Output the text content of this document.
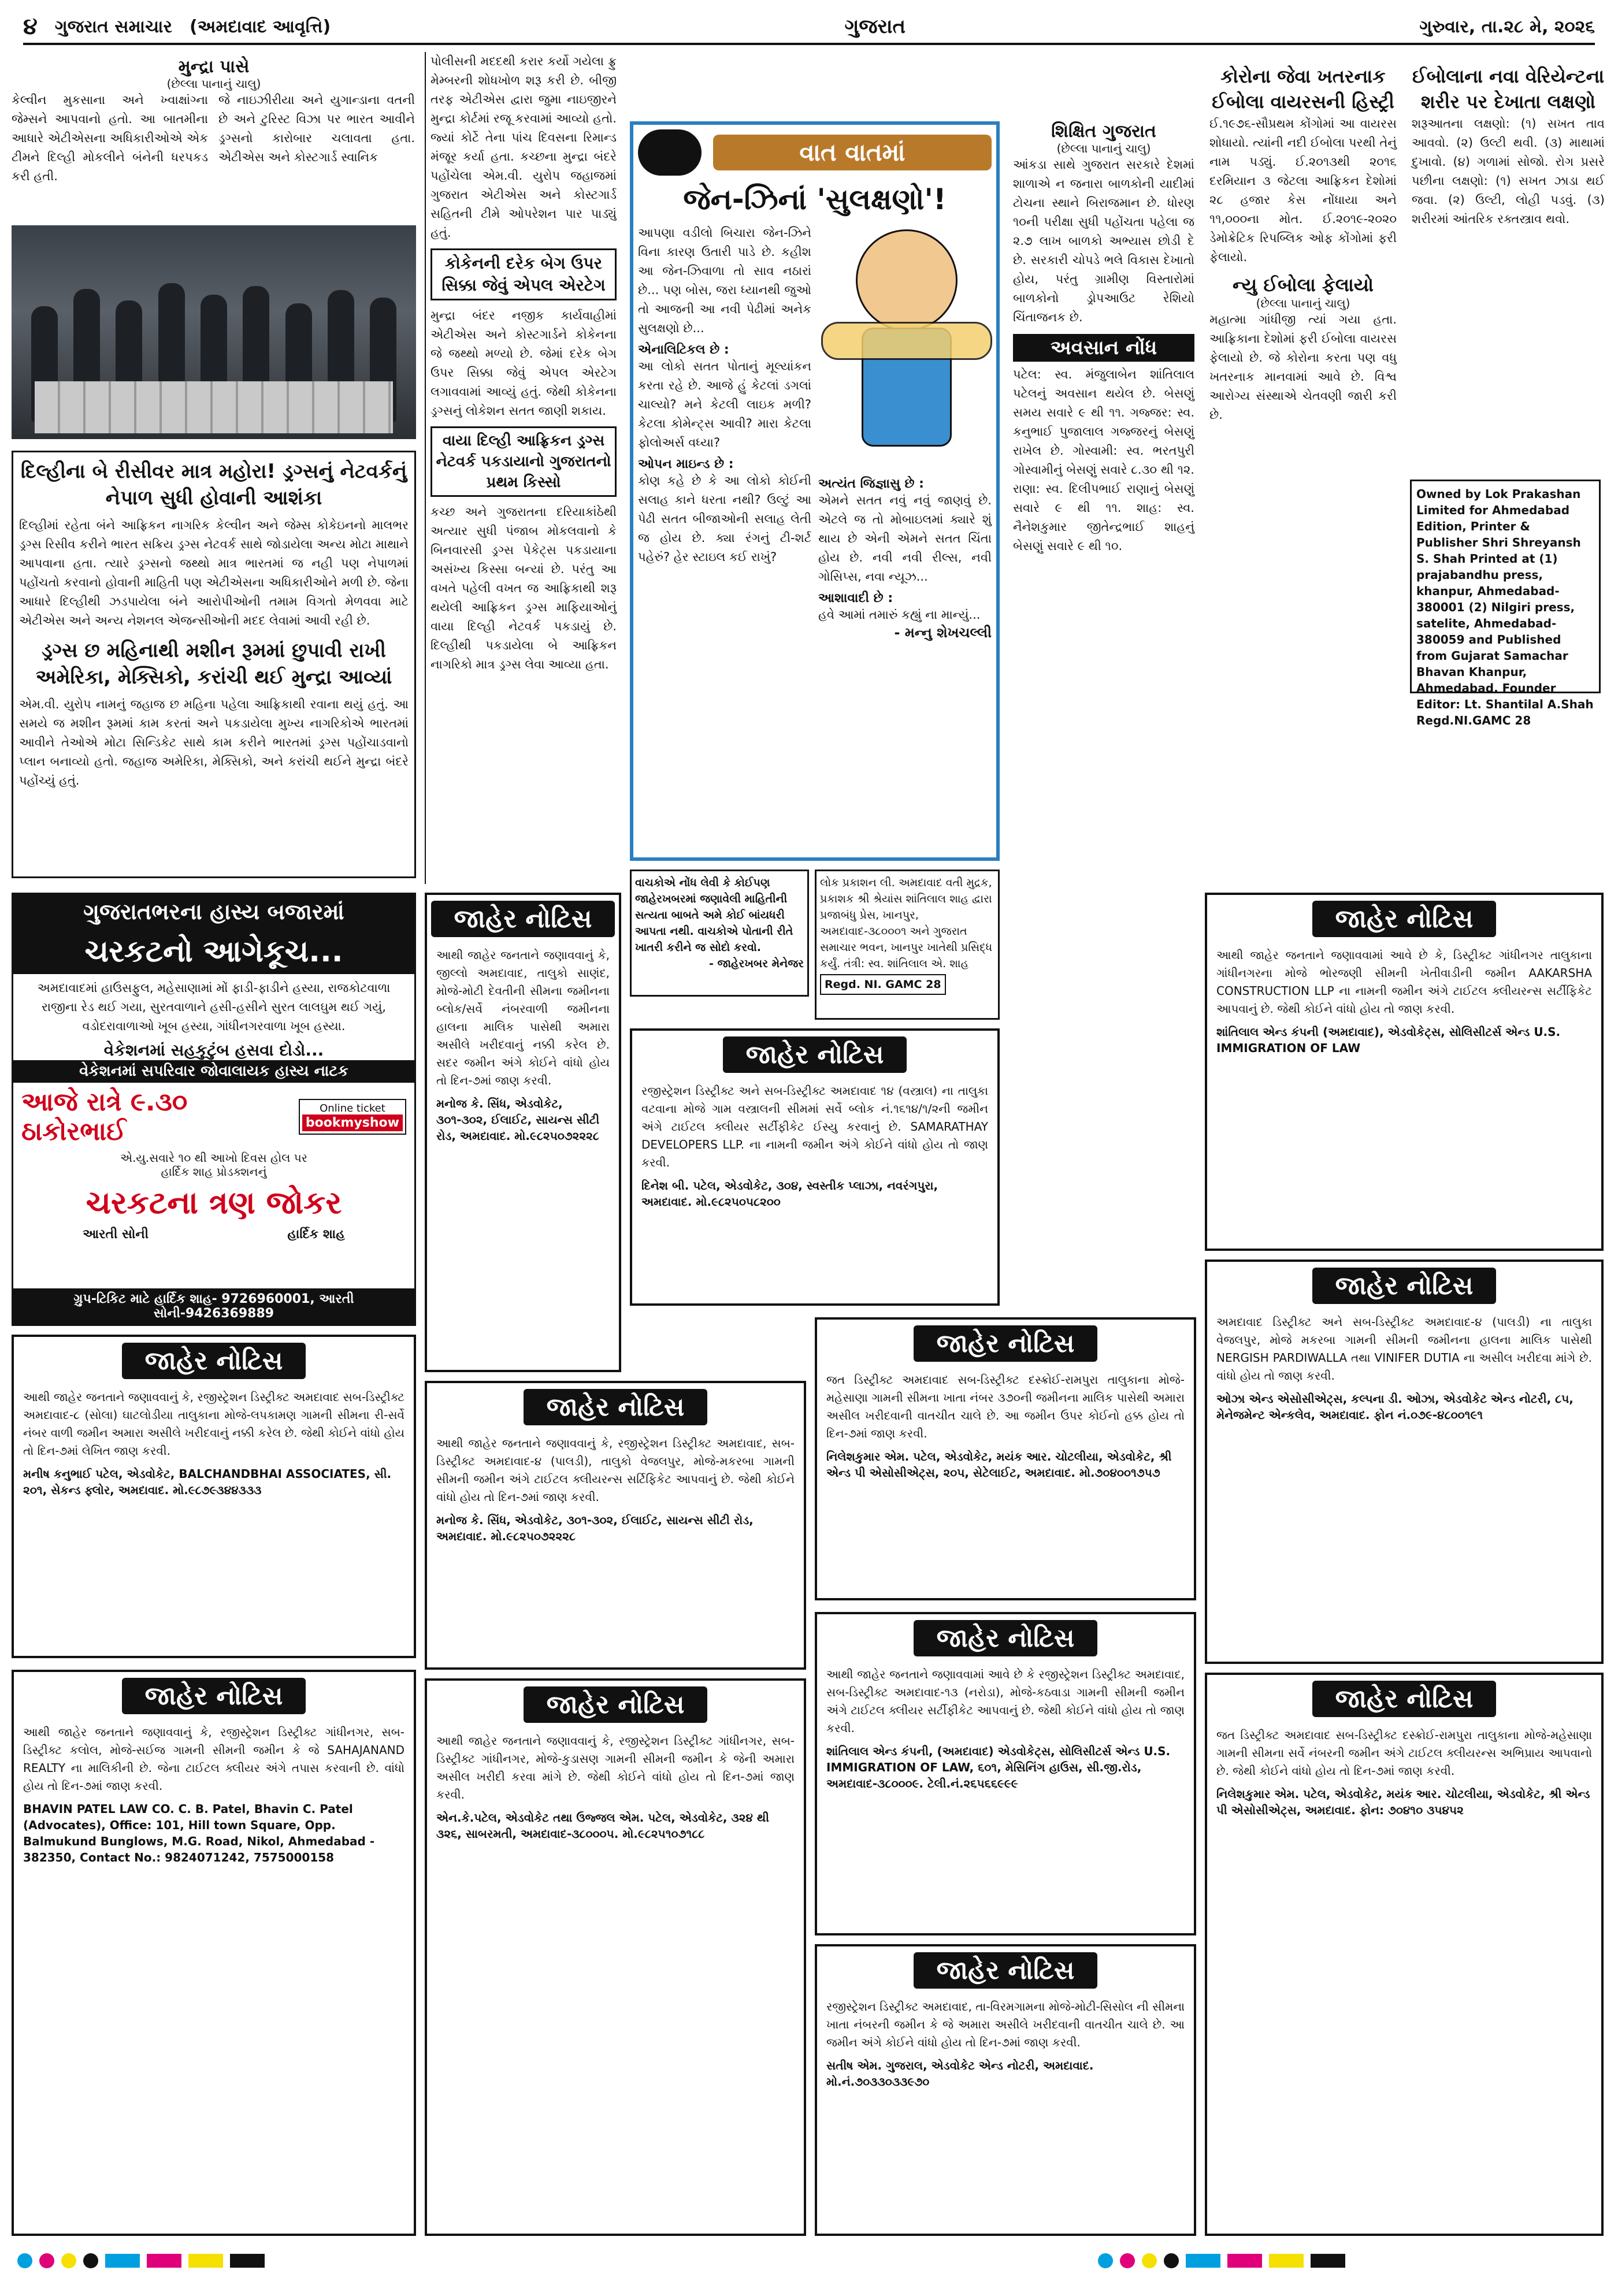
૪ ગુજરાત સમાચાર (અમદાવાદ આવૃત્તિ)	ગુજરાત	ગુરુવાર, તા.૨૮ મે, ૨૦૨૬
મુન્દ્રા પાસે
(છેલ્લા પાનાનું ચાલુ)
કેલ્વીન મુકસાના અને ખ્વાક્ષાંગ્ના જેમ્સને આપવાનો હતો. આ બાતમીના આધારે એટીએસના અધિકારીઓએ એક ટીમને દિલ્હી મોકલીને બંનેની ધરપકડ કરી હતી.
જે નાઇઝીરીયા અને યુગાન્ડાના વતની છે અને ટુરિસ્ટ વિઝા પર ભારત આવીને ડ્રગ્સનો કારોબાર ચલાવતા હતા. એટીએસ અને કોસ્ટગાર્ડ સ્વાનિક
દિલ્હીના બે રીસીવર માત્ર મહોરા! ડ્રગ્સનું નેટવર્કનું નેપાળ સુધી હોવાની આશંકા
દિલ્હીમાં રહેતા બંને આફ્રિકન નાગરિક કેલ્વીન અને જેમ્સ કોકેઇનનો માલભર ડ્રગ્સ રિસીવ કરીને ભારત સક્રિય ડ્રગ્સ નેટવર્ક સાથે જોડાયેલા અન્ય મોટા માથાને આપવાના હતા. ત્યારે ડ્રગ્સનો જથ્થો માત્ર ભારતમાં જ નહી પણ નેપાળમાં પહોંચતો કરવાનો હોવાની માહિતી પણ એટીએસના અધિકારીઓને મળી છે. જેના આધારે દિલ્હીથી ઝડપાયેલા બંને આરોપીઓની તમામ વિગતો મેળવવા માટે એટીએસ અને અન્ય નેશનલ એજન્સીઓની મદદ લેવામાં આવી રહી છે.
ડ્રગ્સ છ મહિનાથી મશીન રૂમમાં છુપાવી રાખી અમેરિકા, મેક્સિકો, કરાંચી થઈ મુન્દ્રા આવ્યાં
એમ.વી. યુરોપ નામનું જહાજ છ મહિના પહેલા આફ્રિકાથી રવાના થયું હતું. આ સમયે જ મશીન રૂમમાં કામ કરતાં અને પકડાયેલા મુખ્ય નાગરિકોએ ભારતમાં આવીને તેઓએ મોટા સિન્ડિકેટ સાથે કામ કરીને ભારતમાં ડ્રગ્સ પહોંચાડવાનો પ્લાન બનાવ્યો હતો. જહાજ અમેરિકા, મેક્સિકો, અને કરાંચી થઈને મુન્દ્રા બંદરે પહોંચ્યું હતું.
પોલીસની મદદથી કરાર કર્યો ગયેલા ફ્રુ મેમ્બરની શોધખોળ શરૂ કરી છે. બીજી તરફ એટીએસ દ્વારા જુમા નાઇજીરને મુન્દ્રા કોર્ટમાં રજૂ કરવામાં આવ્યો હતો. જ્યાં કોર્ટે તેના પાંચ દિવસના રિમાન્ડ મંજૂર કર્યા હતા. કચ્છના મુન્દ્રા બંદરે પહોંચેલા એમ.વી. યુરોપ જહાજમાં ગુજરાત એટીએસ અને કોસ્ટગાર્ડ સહિતની ટીમે ઓપરેશન પાર પાડ્યું હતું.
કોકેનની દરેક બેગ ઉપર સિક્કા જેવું એપલ એરટેગ
મુન્દ્રા બંદર નજીક કાર્યવાહીમાં એટીએસ અને કોસ્ટગાર્ડને કોકેનના જે જથ્થો મળ્યો છે. જેમાં દરેક બેગ ઉપર સિક્કા જેવું એપલ એરટેગ લગાવવામાં આવ્યું હતું. જેથી કોકેનના ડ્રગ્સનું લોકેશન સતત જાણી શકાય.
વાયા દિલ્હી આફ્રિકન ડ્રગ્સ નેટવર્ક પકડાયાનો ગુજરાતનો પ્રથમ કિસ્સો
કચ્છ અને ગુજરાતના દરિયાકાંઠેથી અત્યાર સુધી પંજાબ મોકલવાનો કે બિનવારસી ડ્રગ્સ પેકેટ્સ પકડાયાના અસંખ્ય કિસ્સા બન્યાં છે. પરંતુ આ વખતે પહેલી વખત જ આફ્રિકાથી શરૂ થયેલી આફ્રિકન ડ્રગ્સ માફિયાઓનું વાયા દિલ્હી નેટવર્ક પકડાયું છે. દિલ્હીથી પકડાયેલા બે આફ્રિકન નાગરિકો માત્ર ડ્રગ્સ લેવા આવ્યા હતા.
વાત વાતમાં
જેન-ઝિનાં 'સુલક્ષણો'!
આપણા વડીલો બિચારા જેન-ઝિને વિના કારણ ઉતારી પાડે છે. કહીશ આ જેન-ઝિવાળા તો સાવ નઠારાં છે... પણ બોસ, જરા ધ્યાનથી જુઓ તો આજની આ નવી પેઢીમાં અનેક સુલક્ષણો છે...
એનાલિટિકલ છે :
આ લોકો સતત પોતાનું મૂલ્યાંકન કરતા રહે છે. આજે હું કેટલાં ડગલાં ચાલ્યો? મને કેટલી લાઇક મળી? કેટલા કોમેન્ટ્સ આવી? મારા કેટલા ફોલોઅર્સ વધ્યા?
ઓપન માઇન્ડ છે :
કોણ કહે છે કે આ લોકો કોઈની સલાહ કાને ધરતા નથી? ઉલ્ટું આ પેઢી સતત બીજાઓની સલાહ લેતી જ હોય છે. ક્યા રંગનું ટી-શર્ટ પહેરું? હેર સ્ટાઇલ કઈ રાખું?
અત્યંત જિજ્ઞાસુ છે :
એમને સતત નવું નવું જાણવું છે. એટલે જ તો મોબાઇલમાં ક્યારે શું થાય છે એની એમને સતત ચિંતા હોય છે. નવી નવી રીલ્સ, નવી ગોસિપ્સ, નવા ન્યૂઝ...
આશાવાદી છે :
હવે આમાં તમારું કહ્યું ના માન્યું...
- મન્નુ શેખચલ્લી
શિક્ષિત ગુજરાત
(છેલ્લા પાનાનું ચાલુ)
આંકડા સાથે ગુજરાત સરકારે દેશમાં શાળાએ ન જનારા બાળકોની યાદીમાં ટોચના સ્થાને બિરાજમાન છે. ધોરણ ૧૦ની પરીક્ષા સુધી પહોંચતા પહેલા જ ૨.૭ લાખ બાળકો અભ્યાસ છોડી દે છે. સરકારી ચોપડે ભલે વિકાસ દેખાતો હોય, પરંતુ ગ્રામીણ વિસ્તારોમાં બાળકોનો ડ્રોપઆઉટ રેશિયો ચિંતાજનક છે.
અવસાન નોંધ
પટેલ: સ્વ. મંજુલાબેન શાંતિલાલ પટેલનું અવસાન થયેલ છે. બેસણું સમય સવારે ૯ થી ૧૧. ગજ્જર: સ્વ. કનુભાઈ પુજાલાલ ગજ્જરનું બેસણું રાખેલ છે. ગોસ્વામી: સ્વ. ભરતપુરી ગોસ્વામીનું બેસણું સવારે ૮.૩૦ થી ૧૨. રાણા: સ્વ. દિલીપભાઈ રાણાનું બેસણું સવારે ૯ થી ૧૧. શાહ: સ્વ. નૈનેશકુમાર જીતેન્દ્રભાઈ શાહનું બેસણું સવારે ૯ થી ૧૦.
કોરોના જેવા ખતરનાક ઈબોલા વાયરસની હિસ્ટ્રી
ઈ.૧૯૭૬-સૌપ્રથમ કોંગોમાં આ વાયરસ શોધાયો. ત્યાંની નદી ઈબોલા પરથી તેનું નામ પડ્યું. ઈ.૨૦૧૩થી ૨૦૧૬ દરમિયાન ૩ જેટલા આફ્રિકન દેશોમાં ૨૮ હજાર કેસ નોંધાયા અને ૧૧,૦૦૦ના મોત. ઈ.૨૦૧૯-૨૦૨૦ ડેમોક્રેટિક રિપબ્લિક ઓફ કોંગોમાં ફરી ફેલાયો.
ન્યુ ઈબોલા ફેલાયો
(છેલ્લા પાનાનું ચાલુ)
મહાત્મા ગાંધીજી ત્યાં ગયા હતા. આફ્રિકાના દેશોમાં ફરી ઈબોલા વાયરસ ફેલાયો છે. જે કોરોના કરતા પણ વધુ ખતરનાક માનવામાં આવે છે. વિશ્વ આરોગ્ય સંસ્થાએ ચેતવણી જારી કરી છે.
ઈબોલાના નવા વેરિયેન્ટના શરીર પર દેખાતા લક્ષણો
શરૂઆતના લક્ષણો: (૧) સખત તાવ આવવો. (૨) ઉલ્ટી થવી. (૩) માથામાં દુખાવો. (૪) ગળામાં સોજો. રોગ પ્રસરે પછીના લક્ષણો: (૧) સખત ઝાડા થઈ જવા. (૨) ઉલ્ટી, લોહી પડવું. (૩) શરીરમાં આંતરિક રક્તસ્ત્રાવ થવો.
Owned by Lok Prakashan Limited for Ahmedabad Edition, Printer & Publisher Shri Shreyansh S. Shah Printed at (1) prajabandhu press, khanpur, Ahmedabad-380001 (2) Nilgiri press, satelite, Ahmedabad- 380059 and Published from Gujarat Samachar Bhavan Khanpur, Ahmedabad. Founder Editor: Lt. Shantilal A.Shah Regd.NI.GAMC 28
ગુજરાતભરના હાસ્ય બજારમાં
ચરકટનો આગેકૂચ...
અમદાવાદમાં હાઉસફુલ, મહેસાણામાં મોં ફાડી-ફાડીને હસ્યા, રાજકોટવાળા રાજીના રેડ થઈ ગયા, સુરતવાળાને હસી-હસીને સુરત લાલઘુમ થઈ ગયું, વડોદરાવાળાઓ ખૂબ હસ્યા, ગાંધીનગરવાળા ખૂબ હસ્યા.
વેકેશનમાં સહકુટુંબ હસવા દોડો...
વેકેશનમાં સપરિવાર જોવાલાયક હાસ્ય નાટક
આજે રાત્રે ૯.૩૦ ઠાકોરભાઈ
Online ticket
bookmyshow
એ.યુ.સવારે ૧૦ થી આખો દિવસ હોલ પર
હાર્દિક શાહ પ્રોડક્શનનું
ચરકટના ત્રણ જોકર
આરતી સોની	હાર્દિક શાહ
ગ્રુપ-ટિકિટ માટે હાર્દિક શાહ- 9726960001, આરતી સોની-9426369889
જાહેર નોટિસ
આથી જાહેર જનતાને જણાવવાનું કે, જીલ્લો અમદાવાદ, તાલુકો સાણંદ, મોજે-મોટી દેવતીની સીમના જમીનના બ્લોક/સર્વે નંબરવાળી જમીનના હાલના માલિક પાસેથી અમારા અસીલે ખરીદવાનું નક્કી કરેલ છે. સદર જમીન અંગે કોઈને વાંધો હોય તો દિન-૭માં જાણ કરવી.
મનોજ કે. સિંધ, એડવોકેટ, ૩૦૧-૩૦૨, ઈલાઈટ, સાયન્સ સીટી રોડ, અમદાવાદ. મો.૯૮૨૫૦૭૨૨૨૮
વાચકોએ નોંધ લેવી કે કોઈપણ જાહેરખબરમાં જણાવેલી માહિતીની સત્યતા બાબતે અમે કોઈ બાંયધરી આપતા નથી. વાચકોએ પોતાની રીતે ખાતરી કરીને જ સોદો કરવો.
- જાહેરખબર મેનેજર
લોક પ્રકાશન લી. અમદાવાદ વતી મુદ્રક, પ્રકાશક શ્રી શ્રેયાંસ શાંતિલાલ શાહ દ્વારા પ્રજાબંધુ પ્રેસ, ખાનપુર, અમદાવાદ-૩૮૦૦૦૧ અને ગુજરાત સમાચાર ભવન, ખાનપુર ખાતેથી પ્રસિદ્ધ કર્યું. તંત્રી: સ્વ. શાંતિલાલ એ. શાહ
Regd. NI. GAMC 28
જાહેર નોટિસ
રજીસ્ટ્રેશન ડિસ્ટ્રીક્ટ અને સબ-ડિસ્ટ્રીક્ટ અમદાવાદ ૧૪ (વસ્ત્રાલ) ના તાલુકા વટવાના મોજે ગામ વસ્ત્રાલની સીમમાં સર્વે બ્લોક નં.૧૬૧૪/૧/૨ની જમીન અંગે ટાઈટલ ક્લીયર સર્ટીફીકેટ ઈસ્યુ કરવાનું છે. SAMARATHAY DEVELOPERS LLP. ના નામની જમીન અંગે કોઈને વાંધો હોય તો જાણ કરવી.
દિનેશ બી. પટેલ, એડવોકેટ, ૩૦૪, સ્વસ્તીક પ્લાઝા, નવરંગપુરા, અમદાવાદ. મો.૯૮૨૫૦૫૮૨૦૦
જાહેર નોટિસ
આથી જાહેર જનતાને જણાવવામાં આવે છે કે, ડિસ્ટ્રીક્ટ ગાંધીનગર તાલુકાના ગાંધીનગરના મોજે ભોરજણી સીમની ખેતીવાડીની જમીન AAKARSHA CONSTRUCTION LLP ના નામની જમીન અંગે ટાઈટલ ક્લીયરન્સ સર્ટીફિકેટ આપવાનું છે. જેથી કોઈને વાંધો હોય તો જાણ કરવી.
શાંતિલાલ એન્ડ કંપની (અમદાવાદ), એડવોકેટ્સ, સોલિસીટર્સ એન્ડ U.S. IMMIGRATION OF LAW
જાહેર નોટિસ
અમદાવાદ ડિસ્ટ્રીક્ટ અને સબ-ડિસ્ટ્રીક્ટ અમદાવાદ-૪ (પાલડી) ના તાલુકા વેજલપુર, મોજે મકરબા ગામની સીમની જમીનના હાલના માલિક પાસેથી NERGISH PARDIWALLA તથા VINIFER DUTIA ના અસીલ ખરીદવા માંગે છે. વાંધો હોય તો જાણ કરવી.
ઓઝા એન્ડ એસોસીએટ્સ, કલ્પના ડી. ઓઝા, એડવોકેટ એન્ડ નોટરી, ૮૫, મેનેજમેન્ટ એન્કલેવ, અમદાવાદ. ફોન નં.૦૭૯-૪૮૦૦૧૯૧
જાહેર નોટિસ
આથી જાહેર જનતાને જણાવવાનું કે, રજીસ્ટ્રેશન ડિસ્ટ્રીક્ટ અમદાવાદ સબ-ડિસ્ટ્રીક્ટ અમદાવાદ-૮ (સોલા) ઘાટલોડીયા તાલુકાના મોજે-લપકામણ ગામની સીમના રી-સર્વે નંબર વાળી જમીન અમારા અસીલે ખરીદવાનું નક્કી કરેલ છે. જેથી કોઈને વાંધો હોય તો દિન-૭માં લેખિત જાણ કરવી.
મનીષ કનુભાઈ પટેલ, એડવોકેટ, BALCHANDBHAI ASSOCIATES, સી. ૨૦૧, સેકન્ડ ફ્લોર, અમદાવાદ. મો.૯૮૭૯૩૪૪૩૩૩
જાહેર નોટિસ
આથી જાહેર જનતાને જણાવવાનું કે, રજીસ્ટ્રેશન ડિસ્ટ્રીક્ટ અમદાવાદ, સબ-ડિસ્ટ્રીક્ટ અમદાવાદ-૪ (પાલડી), તાલુકો વેજલપુર, મોજે-મકરબા ગામની સીમની જમીન અંગે ટાઈટલ ક્લીયરન્સ સર્ટિફિકેટ આપવાનું છે. જેથી કોઈને વાંધો હોય તો દિન-૭માં જાણ કરવી.
મનોજ કે. સિંધ, એડવોકેટ, ૩૦૧-૩૦૨, ઈલાઈટ, સાયન્સ સીટી રોડ, અમદાવાદ. મો.૯૮૨૫૦૭૨૨૨૮
જાહેર નોટિસ
જત ડિસ્ટ્રીક્ટ અમદાવાદ સબ-ડિસ્ટ્રીક્ટ દસ્ક્રોઈ-રામપુરા તાલુકાના મોજે-મહેસાણા ગામની સીમના ખાતા નંબર ૩૭૦ની જમીનના માલિક પાસેથી અમારા અસીલ ખરીદવાની વાતચીત ચાલે છે. આ જમીન ઉપર કોઈનો હક્ક હોય તો દિન-૭માં જાણ કરવી.
નિલેશકુમાર એમ. પટેલ, એડવોકેટ, મયંક આર. ચોટલીયા, એડવોકેટ, શ્રી એન્ડ પી એસોસીએટ્સ, ૨૦૫, સેટેલાઈટ, અમદાવાદ. મો.૭૦૪૦૦૧૭૫૭
જાહેર નોટિસ
આથી જાહેર જનતાને જણાવવાનું કે, રજીસ્ટ્રેશન ડિસ્ટ્રીક્ટ ગાંધીનગર, સબ-ડિસ્ટ્રીક્ટ કલોલ, મોજે-સઈજ ગામની સીમની જમીન કે જે SAHAJANAND REALTY ના માલિકીની છે. જેના ટાઈટલ ક્લીયર અંગે તપાસ કરવાની છે. વાંધો હોય તો દિન-૭માં જાણ કરવી.
BHAVIN PATEL LAW CO. C. B. Patel, Bhavin C. Patel (Advocates), Office: 101, Hill town Square, Opp. Balmukund Bunglows, M.G. Road, Nikol, Ahmedabad - 382350, Contact No.: 9824071242, 7575000158
જાહેર નોટિસ
આથી જાહેર જનતાને જણાવવાનું કે, રજીસ્ટ્રેશન ડિસ્ટ્રીક્ટ ગાંધીનગર, સબ-ડિસ્ટ્રીક્ટ ગાંધીનગર, મોજે-કુડાસણ ગામની સીમની જમીન કે જેની અમારા અસીલ ખરીદી કરવા માંગે છે. જેથી કોઈને વાંધો હોય તો દિન-૭માં જાણ કરવી.
એન.કે.પટેલ, એડવોકેટ તથા ઉજ્જલ એમ. પટેલ, એડવોકેટ, ૩૨૪ થી ૩૨૬, સાબરમતી, અમદાવાદ-૩૮૦૦૦૫. મો.૯૮૨૫૧૦૭૧૮૮
જાહેર નોટિસ
આથી જાહેર જનતાને જણાવવામાં આવે છે કે રજીસ્ટ્રેશન ડિસ્ટ્રીક્ટ અમદાવાદ, સબ-ડિસ્ટ્રીક્ટ અમદાવાદ-૧૩ (નરોડા), મોજે-કઠવાડા ગામની સીમની જમીન અંગે ટાઈટલ ક્લીયર સર્ટીફીકેટ આપવાનું છે. જેથી કોઈને વાંધો હોય તો જાણ કરવી.
શાંતિલાલ એન્ડ કંપની, (અમદાવાદ) એડવોકેટ્સ, સોલિસીટર્સ એન્ડ U.S. IMMIGRATION OF LAW, ૬૦૧, મેસિનિંગ હાઉસ, સી.જી.રોડ, અમદાવાદ-૩૮૦૦૦૯. ટેલી.નં.૨૬૫૬૬૯૯૯
જાહેર નોટિસ
રજીસ્ટ્રેશન ડિસ્ટ્રીક્ટ અમદાવાદ, તા-વિરમગામના મોજે-મોટી-સિસોલ ની સીમના ખાતા નંબરની જમીન કે જે અમારા અસીલે ખરીદવાની વાતચીત ચાલે છે. આ જમીન અંગે કોઈને વાંધો હોય તો દિન-૭માં જાણ કરવી.
સતીષ એમ. ગુજરાલ, એડવોકેટ એન્ડ નોટરી, અમદાવાદ. મો.નં.૭૦૩૩૦૩૩૯૭૦
જાહેર નોટિસ
જત ડિસ્ટ્રીક્ટ અમદાવાદ સબ-ડિસ્ટ્રીક્ટ દસ્ક્રોઈ-રામપુરા તાલુકાના મોજે-મહેસાણા ગામની સીમના સર્વે નંબરની જમીન અંગે ટાઈટલ ક્લીયરન્સ અભિપ્રાય આપવાનો છે. જેથી કોઈને વાંધો હોય તો દિન-૭માં જાણ કરવી.
નિલેશકુમાર એમ. પટેલ, એડવોકેટ, મયંક આર. ચોટલીયા, એડવોકેટ, શ્રી એન્ડ પી એસોસીએટ્સ, અમદાવાદ. ફોન: ૭૦૪૧૦ ૩૫૪૫૨
